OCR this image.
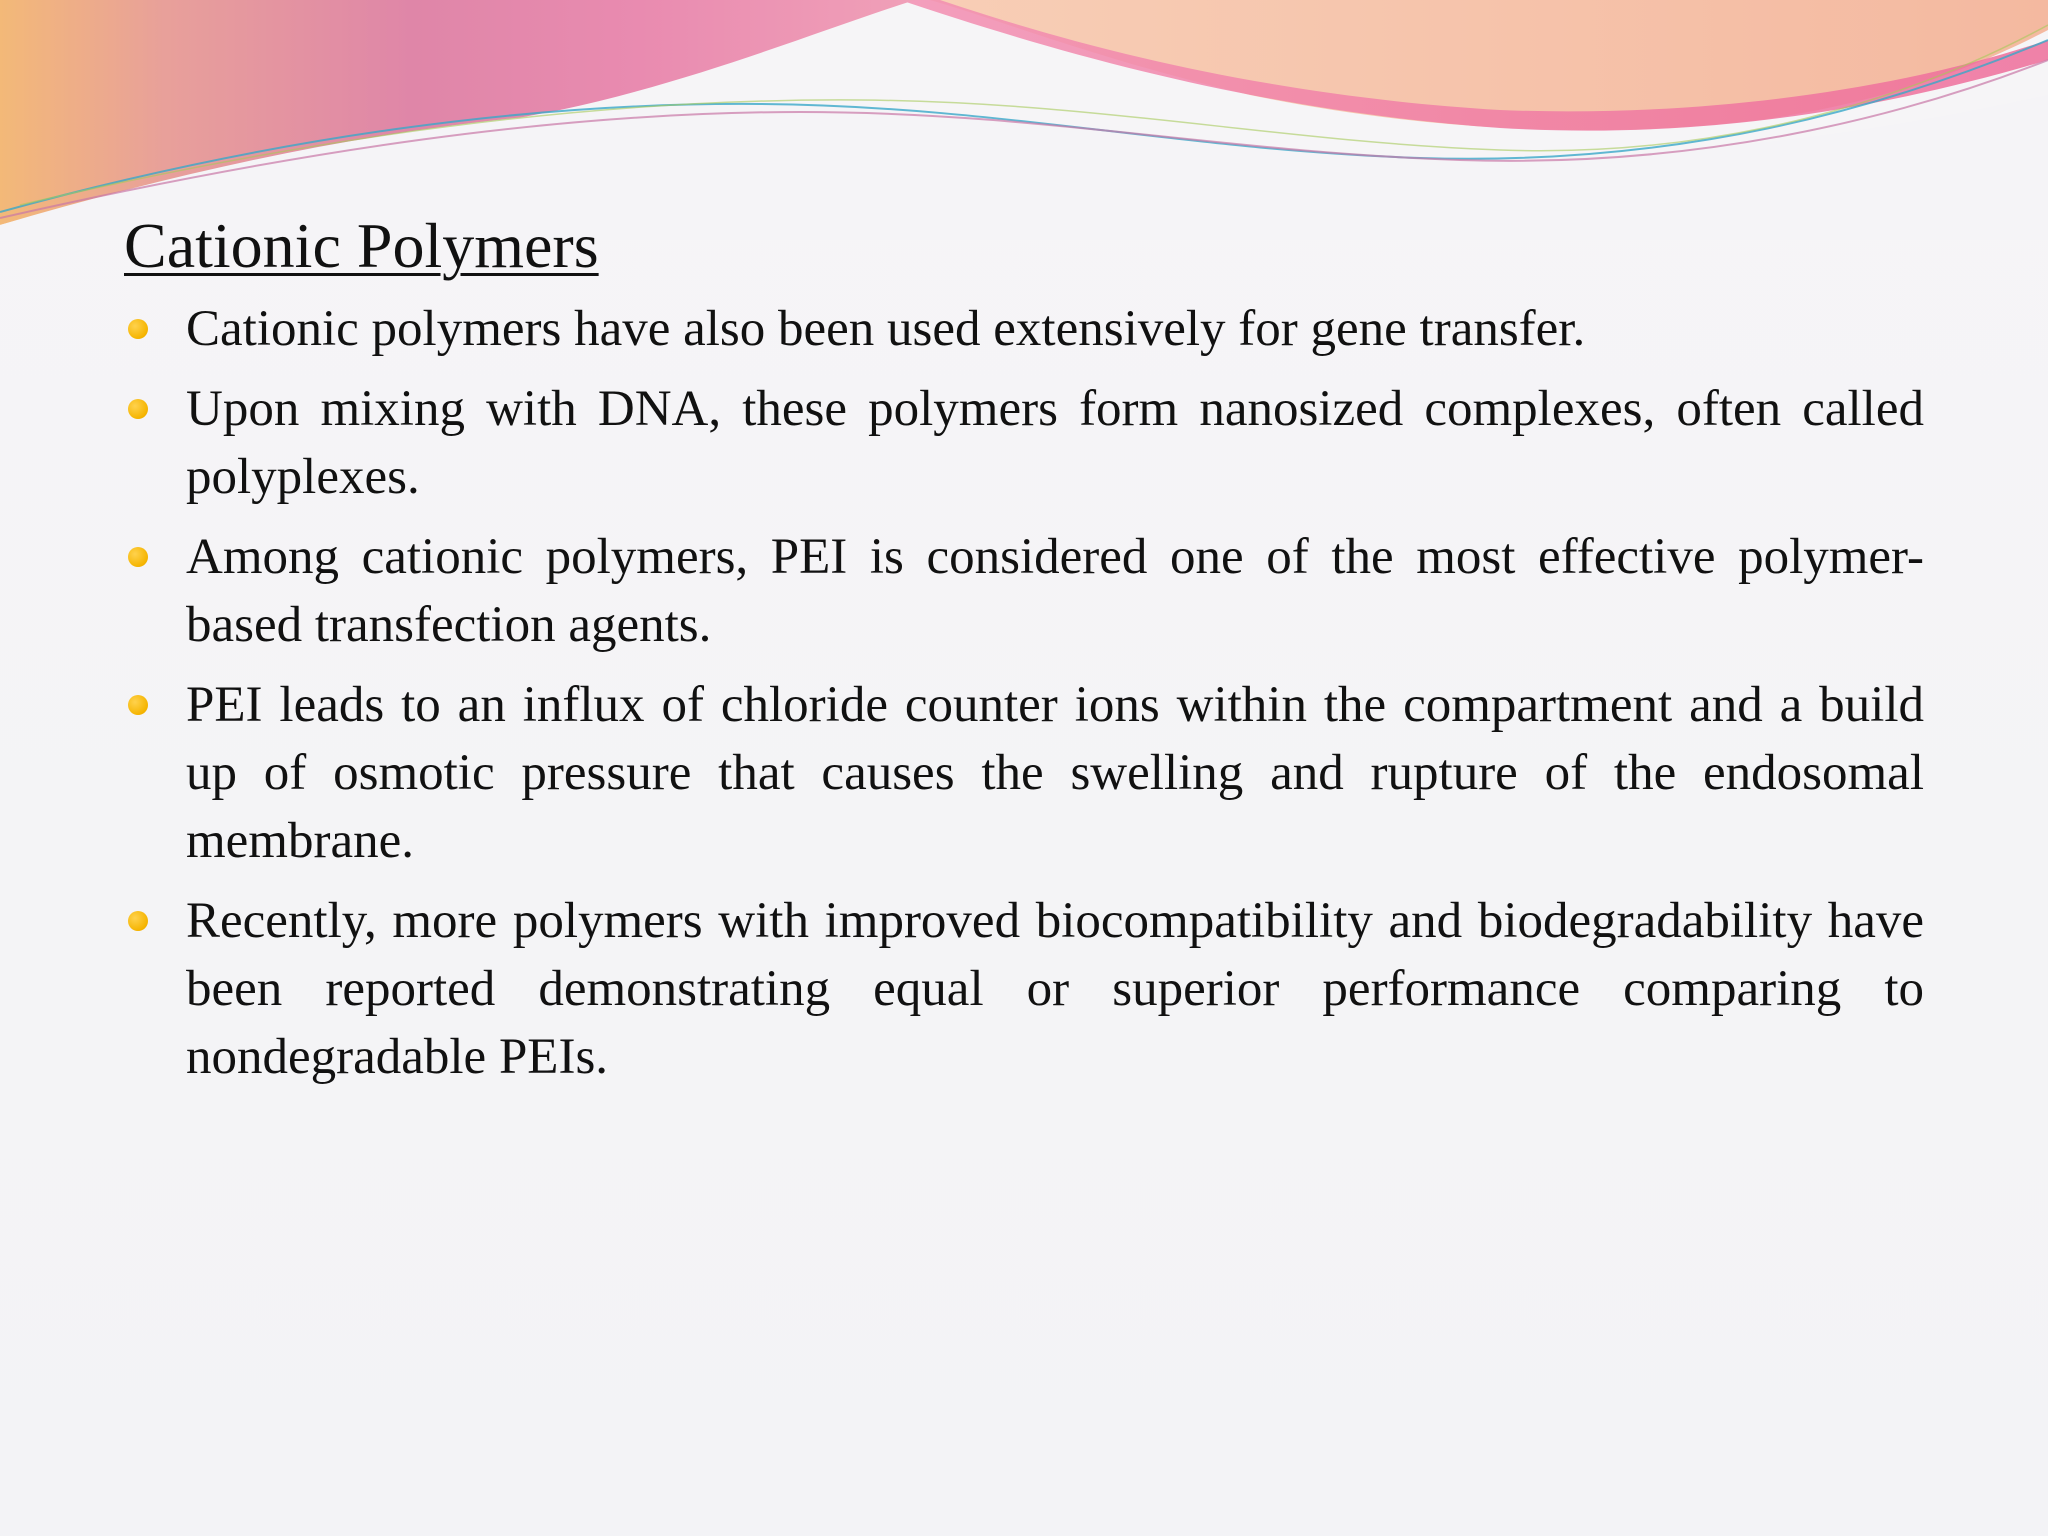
Cationic Polymers
Cationic polymers have also been used extensively for gene transfer.
Upon mixing with DNA, these polymers form nanosized complexes, often called polyplexes.
Among cationic polymers, PEI is considered one of the most effective polymer-based transfection agents.
PEI leads to an influx of chloride counter ions within the compartment and a build up of osmotic pressure that causes the swelling and rupture of the endosomal membrane.
Recently, more polymers with improved biocompatibility and biodegradability have been reported demonstrating equal or superior performance comparing to nondegradable PEIs.
